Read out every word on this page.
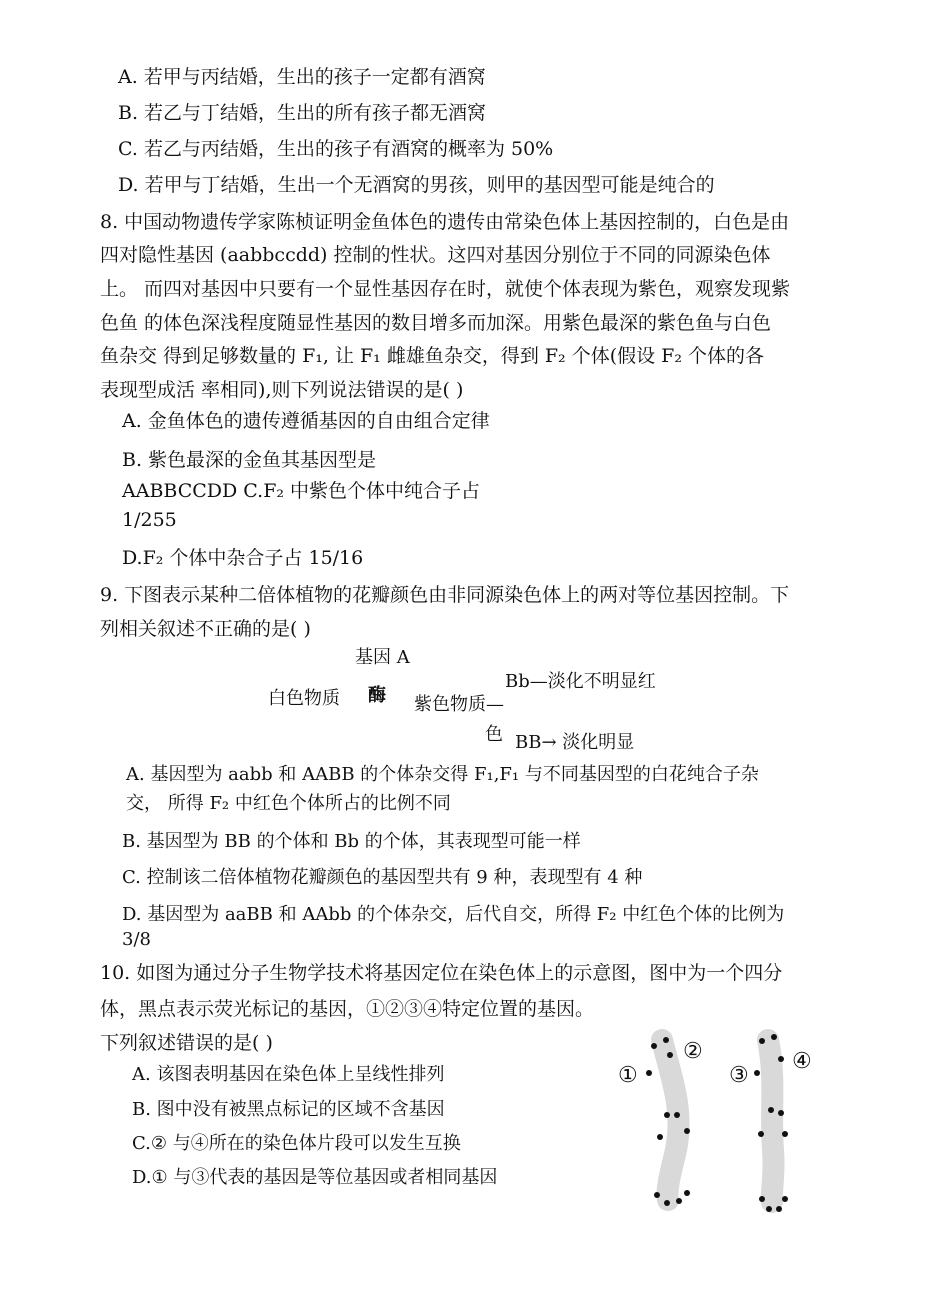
A. 若甲与丙结婚，生出的孩子一定都有酒窝
B. 若乙与丁结婚，生出的所有孩子都无酒窝
C. 若乙与丙结婚，生出的孩子有酒窝的概率为 50%
D. 若甲与丁结婚，生出一个无酒窝的男孩，则甲的基因型可能是纯合的
8. 中国动物遗传学家陈桢证明金鱼体色的遗传由常染色体上基因控制的，白色是由
四对隐性基因 (aabbccdd) 控制的性状。这四对基因分别位于不同的同源染色体
上。 而四对基因中只要有一个显性基因存在时，就使个体表现为紫色，观察发现紫
色鱼 的体色深浅程度随显性基因的数目增多而加深。用紫色最深的紫色鱼与白色
鱼杂交 得到足够数量的 F₁, 让 F₁ 雌雄鱼杂交，得到 F₂ 个体(假设 F₂ 个体的各
表现型成活 率相同),则下列说法错误的是( )
A. 金鱼体色的遗传遵循基因的自由组合定律
B. 紫色最深的金鱼其基因型是
AABBCCDD C.F₂ 中紫色个体中纯合子占
1/255
D.F₂ 个体中杂合子占 15/16
9. 下图表示某种二倍体植物的花瓣颜色由非同源染色体上的两对等位基因控制。下
列相关叙述不正确的是( )
基因 A
白色物质 酶 紫色物质—
色
Bb—淡化不明显红
BB→ 淡化明显
A. 基因型为 aabb 和 AABB 的个体杂交得 F₁,F₁ 与不同基因型的白花纯合子杂
交， 所得 F₂ 中红色个体所占的比例不同
B. 基因型为 BB 的个体和 Bb 的个体，其表现型可能一样
C. 控制该二倍体植物花瓣颜色的基因型共有 9 种，表现型有 4 种
D. 基因型为 aaBB 和 AAbb 的个体杂交，后代自交，所得 F₂ 中红色个体的比例为
3/8
10. 如图为通过分子生物学技术将基因定位在染色体上的示意图，图中为一个四分
体，黑点表示荧光标记的基因，①②③④特定位置的基因。
下列叙述错误的是( )
A. 该图表明基因在染色体上呈线性排列
B. 图中没有被黑点标记的区域不含基因
C.② 与④所在的染色体片段可以发生互换
D.① 与③代表的基因是等位基因或者相同基因
①
②
③
④
